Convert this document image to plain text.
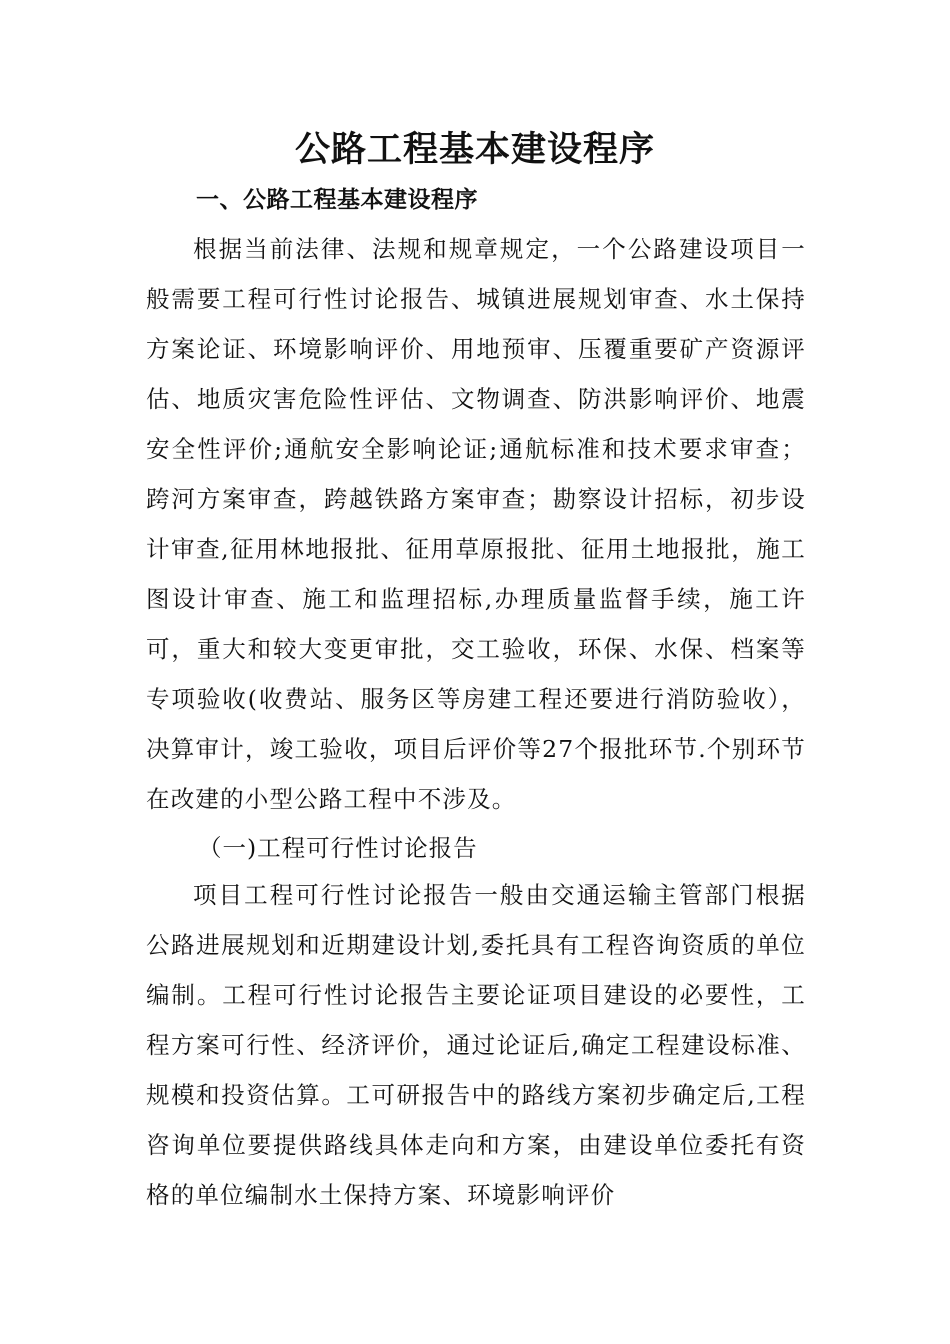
公路工程基本建设程序
一、公路工程基本建设程序

根据当前法律、法规和规章规定，一个公路建设项目一般需要工程可行性讨论报告、城镇进展规划审查、水土保持方案论证、环境影响评价、用地预审、压覆重要矿产资源评估、地质灾害危险性评估、文物调查、防洪影响评价、地震安全性评价;通航安全影响论证;通航标准和技术要求审查；跨河方案审查，跨越铁路方案审查；勘察设计招标，初步设计审查,征用林地报批、征用草原报批、征用土地报批，施工图设计审查、施工和监理招标,办理质量监督手续，施工许可，重大和较大变更审批，交工验收，环保、水保、档案等专项验收(收费站、服务区等房建工程还要进行消防验收），决算审计，竣工验收，项目后评价等27个报批环节.个别环节在改建的小型公路工程中不涉及。

（一)工程可行性讨论报告

项目工程可行性讨论报告一般由交通运输主管部门根据公路进展规划和近期建设计划,委托具有工程咨询资质的单位编制。工程可行性讨论报告主要论证项目建设的必要性，工程方案可行性、经济评价，通过论证后,确定工程建设标准、规模和投资估算。工可研报告中的路线方案初步确定后,工程咨询单位要提供路线具体走向和方案，由建设单位委托有资格的单位编制水土保持方案、环境影响评价
